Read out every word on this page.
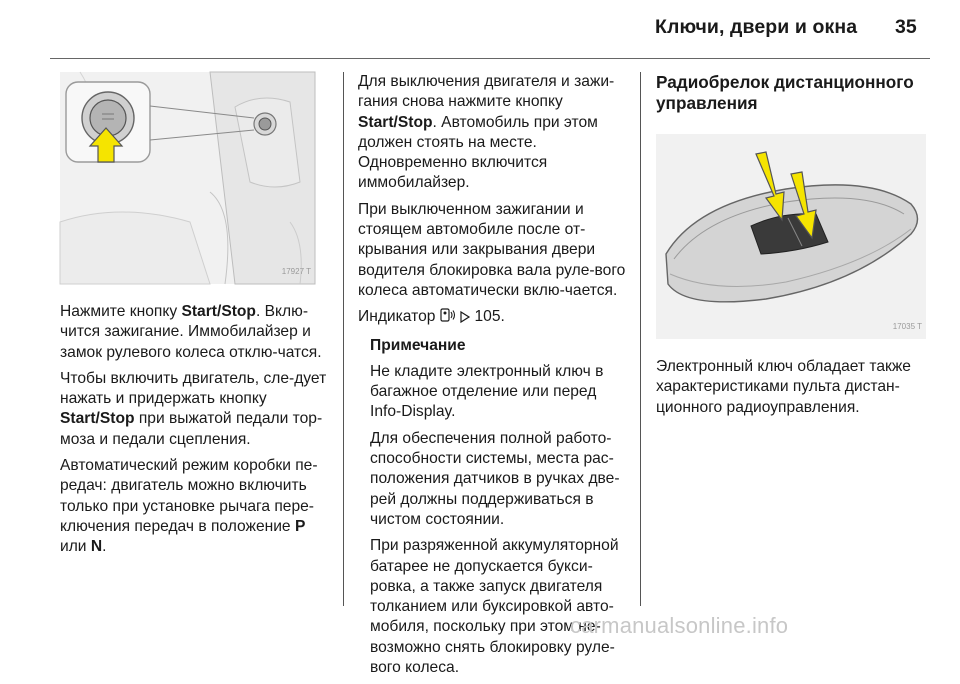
Ключи, двери и окна 35
17927 T

Нажмите кнопку Start/Stop. Вклю-чится зажигание. Иммобилайзер и замок рулевого колеса отклю-чатся.

Чтобы включить двигатель, сле-дует нажать и придержать кнопку Start/Stop при выжатой педали тор-моза и педали сцепления.

Автоматический режим коробки пе-редач: двигатель можно включить только при установке рычага пере-ключения передач в положение P или N.

Для выключения двигателя и зажи-гания снова нажмите кнопку Start/Stop. Автомобиль при этом должен стоять на месте. Одновременно включится иммобилайзер.

При выключенном зажигании и стоящем автомобиле после от-крывания или закрывания двери водителя блокировка вала руле-вого колеса автоматически вклю-чается.

Индикатор	105.

Примечание

Не кладите электронный ключ в багажное отделение или перед Info-Display.

Для обеспечения полной работо-способности системы, места рас-положения датчиков в ручках две-рей должны поддерживаться в чистом состоянии.

При разряженной аккумуляторной батарее не допускается букси-ровка, а также запуск двигателя толканием или буксировкой авто-мобиля, поскольку при этом не-возможно снять блокировку руле-вого колеса.

Радиобрелок дистанционного управления

17035 T

Электронный ключ обладает также характеристиками пульта дистан-ционного радиоуправления.

carmanualsonline.info
